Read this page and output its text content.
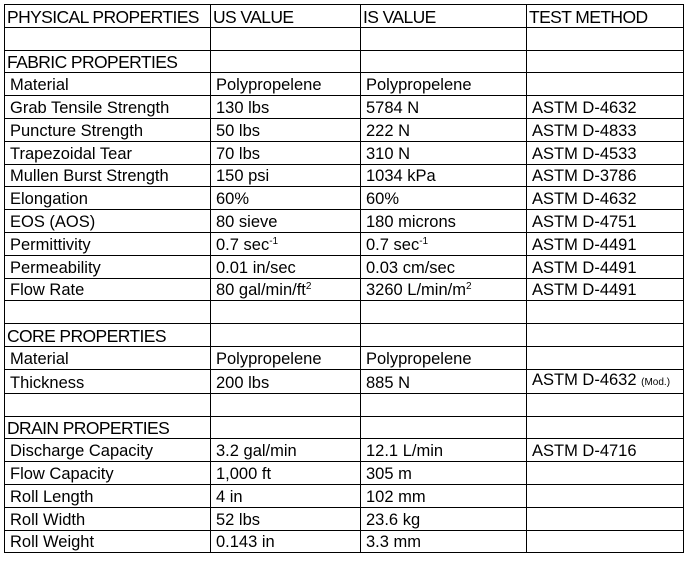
PHYSICAL PROPERTIES	US VALUE	IS VALUE	TEST METHOD

FABRIC PROPERTIES			
Material	Polypropelene	Polypropelene	
Grab Tensile Strength	130 lbs	5784 N	ASTM D-4632
Puncture Strength	50 lbs	222 N	ASTM D-4833
Trapezoidal Tear	70 lbs	310 N	ASTM D-4533
Mullen Burst Strength	150 psi	1034 kPa	ASTM D-3786
Elongation	60%	60%	ASTM D-4632
EOS (AOS)	80 sieve	180 microns	ASTM D-4751
Permittivity	0.7 $\sec^{-1}$	0.7 $\sec^{-1}$	ASTM D-4491
Permeability	0.01 in/sec	0.03 cm/sec	ASTM D-4491
Flow Rate	80 gal/$\min/ft^2$	3260 $L/\min/m^2$	ASTM D-4491

CORE PROPERTIES			
Material	Polypropelene	Polypropelene	
Thickness	200 lbs	885 N	ASTM D-4632 (Mod.)

DRAIN PROPERTIES			
Discharge Capacity	3.2 gal/min	12.1 L/min	ASTM D-4716
Flow Capacity	1,000 ft	305 m	
Roll Length	4 in	102 mm	
Roll Width	52 lbs	23.6 kg	
Roll Weight	0.143 in	3.3 mm	
